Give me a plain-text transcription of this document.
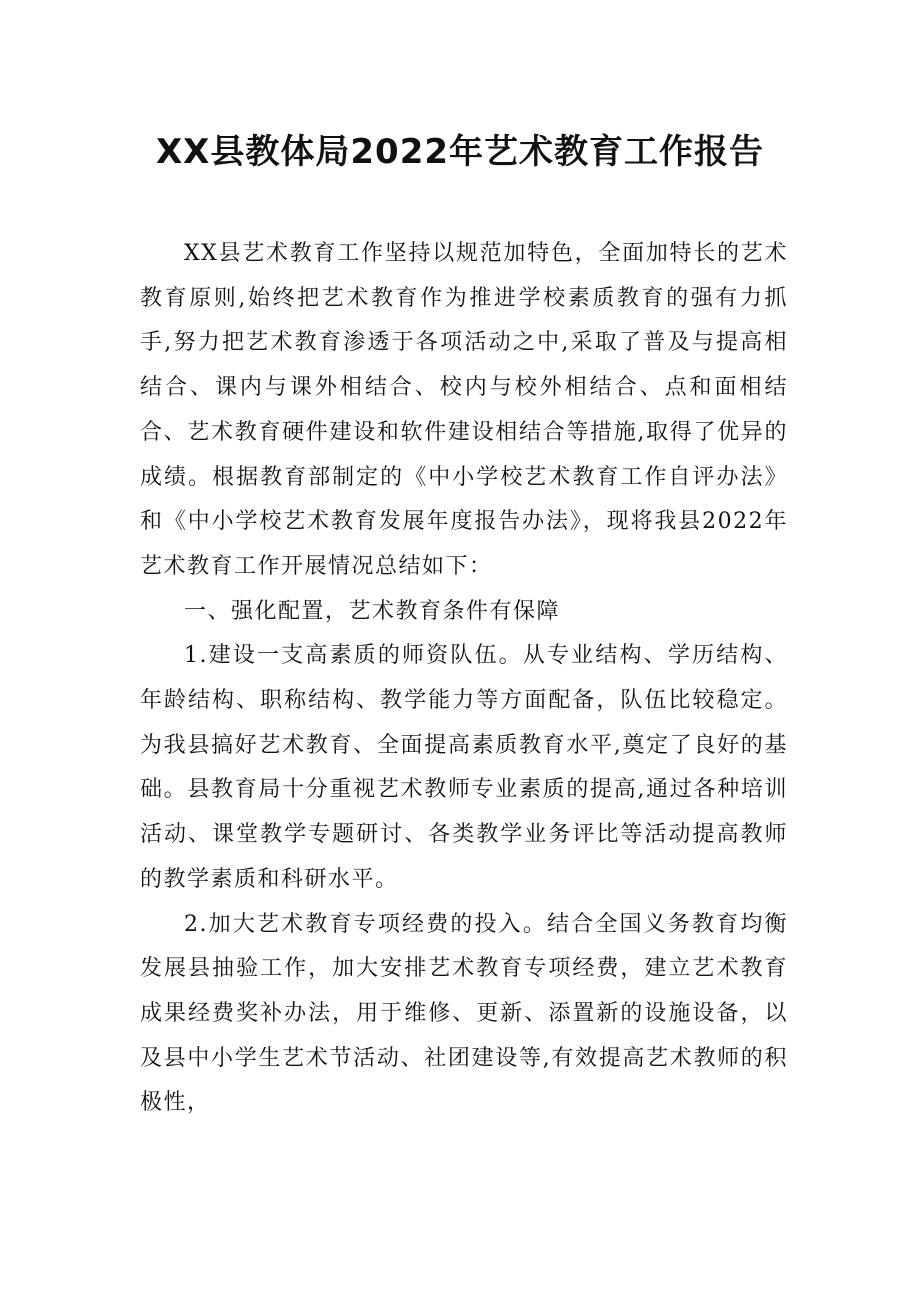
XX县教体局2022年艺术教育工作报告

XX县艺术教育工作坚持以规范加特色，全面加特长的艺术教育原则,始终把艺术教育作为推进学校素质教育的强有力抓手,努力把艺术教育渗透于各项活动之中,采取了普及与提高相结合、课内与课外相结合、校内与校外相结合、点和面相结合、艺术教育硬件建设和软件建设相结合等措施,取得了优异的成绩。根据教育部制定的《中小学校艺术教育工作自评办法》和《中小学校艺术教育发展年度报告办法》，现将我县2022年艺术教育工作开展情况总结如下：

一、强化配置，艺术教育条件有保障

1.建设一支高素质的师资队伍。从专业结构、学历结构、年龄结构、职称结构、教学能力等方面配备，队伍比较稳定。为我县搞好艺术教育、全面提高素质教育水平,奠定了良好的基础。县教育局十分重视艺术教师专业素质的提高,通过各种培训活动、课堂教学专题研讨、各类教学业务评比等活动提高教师的教学素质和科研水平。

2.加大艺术教育专项经费的投入。结合全国义务教育均衡发展县抽验工作，加大安排艺术教育专项经费，建立艺术教育成果经费奖补办法，用于维修、更新、添置新的设施设备，以及县中小学生艺术节活动、社团建设等,有效提高艺术教师的积极性，
